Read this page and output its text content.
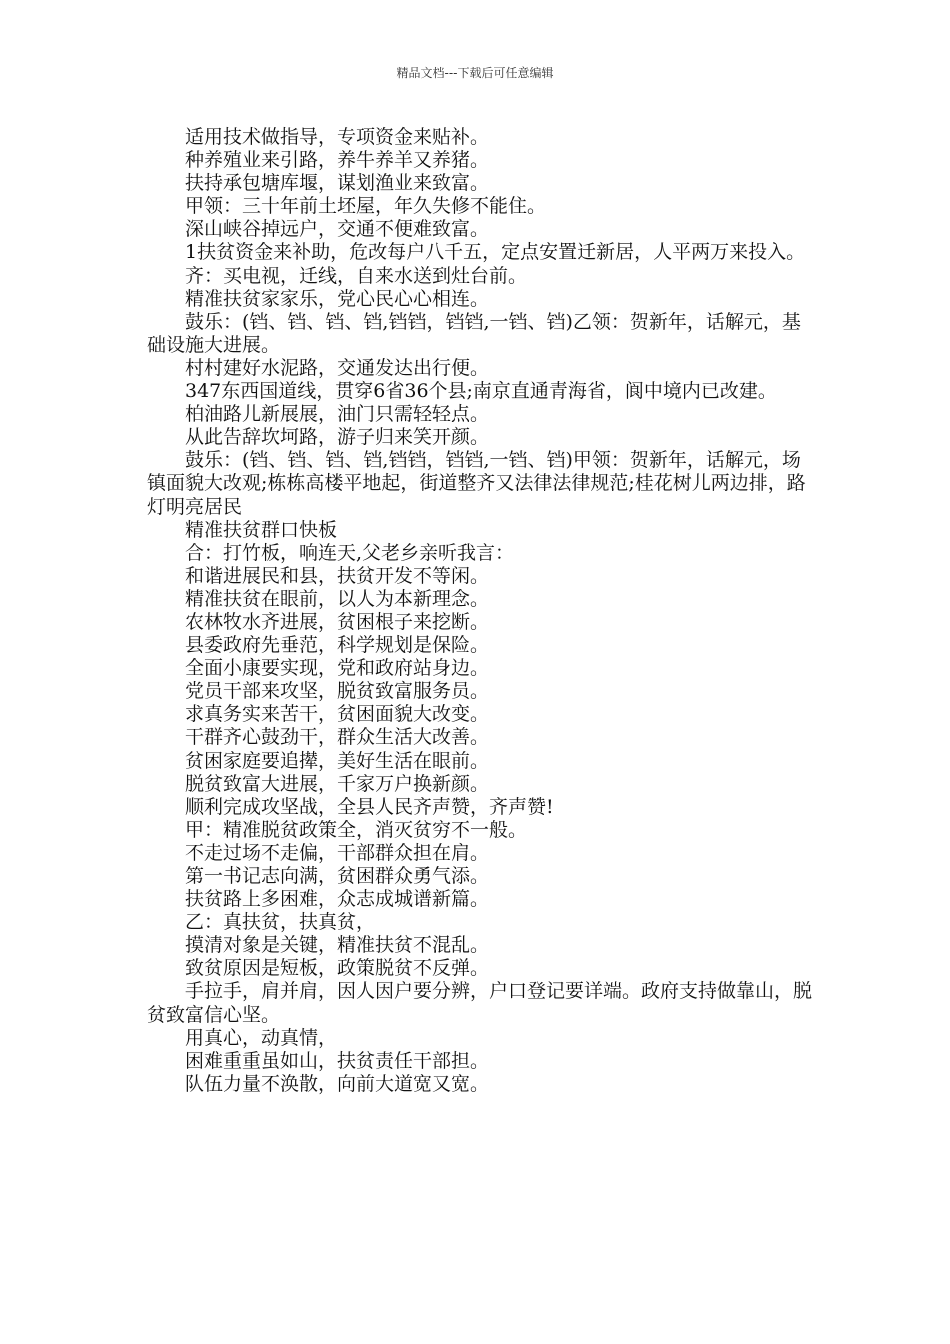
精品文档---下载后可任意编辑

适用技术做指导，专项资金来贴补。

种养殖业来引路，养牛养羊又养猪。

扶持承包塘库堰，谋划渔业来致富。

甲领：三十年前土坯屋，年久失修不能住。

深山峡谷掉远户，交通不便难致富。

1扶贫资金来补助，危改每户八千五，定点安置迁新居，人平两万来投入。

齐：买电视，迁线，自来水送到灶台前。

精准扶贫家家乐，党心民心心相连。

鼓乐：(铛、铛、铛、铛,铛铛，铛铛,一铛、铛)乙领：贺新年，话解元，基础设施大进展。

村村建好水泥路，交通发达出行便。

347东西国道线，贯穿6省36个县;南京直通青海省，阆中境内已改建。

柏油路儿新展展，油门只需轻轻点。

从此告辞坎坷路，游子归来笑开颜。

鼓乐：(铛、铛、铛、铛,铛铛，铛铛,一铛、铛)甲领：贺新年，话解元，场镇面貌大改观;栋栋高楼平地起，街道整齐又法律法律规范;桂花树儿两边排，路灯明亮居民

精准扶贫群口快板

合：打竹板，响连天,父老乡亲听我言：

和谐进展民和县，扶贫开发不等闲。

精准扶贫在眼前，以人为本新理念。

农林牧水齐进展，贫困根子来挖断。

县委政府先垂范，科学规划是保险。

全面小康要实现，党和政府站身边。

党员干部来攻坚，脱贫致富服务员。

求真务实来苦干，贫困面貌大改变。

干群齐心鼓劲干，群众生活大改善。

贫困家庭要追撵，美好生活在眼前。

脱贫致富大进展，千家万户换新颜。

顺利完成攻坚战，全县人民齐声赞，齐声赞!

甲：精准脱贫政策全，消灭贫穷不一般。

不走过场不走偏，干部群众担在肩。

第一书记志向满，贫困群众勇气添。

扶贫路上多困难，众志成城谱新篇。

乙：真扶贫，扶真贫，

摸清对象是关键，精准扶贫不混乱。

致贫原因是短板，政策脱贫不反弹。

手拉手，肩并肩，因人因户要分辨，户口登记要详端。政府支持做靠山，脱贫致富信心坚。

用真心，动真情，

困难重重虽如山，扶贫责任干部担。

队伍力量不涣散，向前大道宽又宽。
